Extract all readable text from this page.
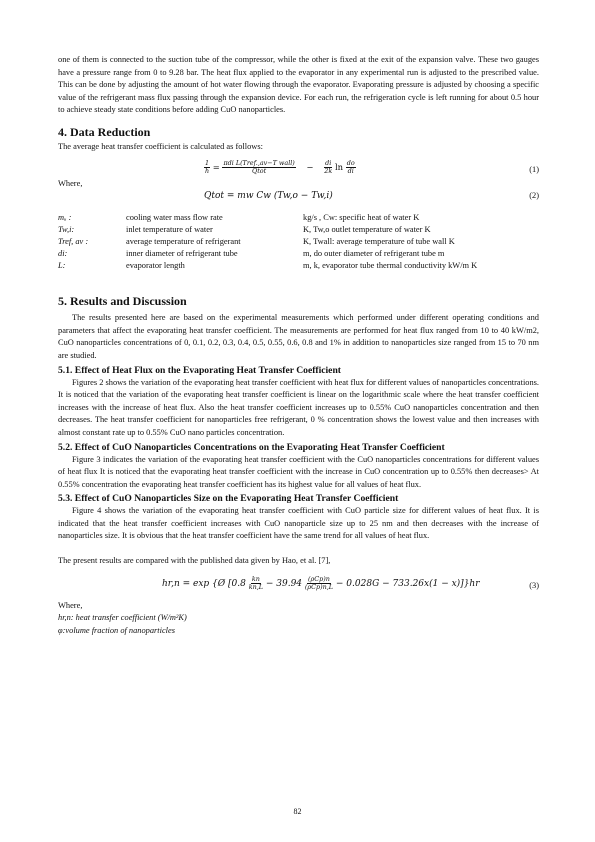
one of them is connected to the suction tube of the compressor, while the other is fixed at the exit of the expansion valve. These two gauges have a pressure range from 0 to 9.28 bar. The heat flux applied to the evaporator in any experimental run is adjusted to the prescribed value. This can be done by adjusting the amount of hot water flowing through the evaporator. Evaporating pressure is adjusted by choosing a specific value of the refrigerant mass flux passing through the expansion device. For each run, the refrigeration cycle is left running for about 0.5 hour to achieve steady state conditions before adding CuO nanoparticles.

4. Data Reduction

The average heat transfer coefficient is calculated as follows:

$\frac{1}{h} = \frac{\text{πdi L(Tref.,av−T wall)}}{\text{Qtot}} - \frac{di}{2k}$ $\ln \frac{do}{di}$	(1)

Where,

Qtot = mw Cw (Tw,o − Tw,i)	(2)
mᵤ :	cooling water mass flow rate	kg/s , Cw: specific heat of water K
Tw,i:	inlet temperature of water	K, Tw,o outlet temperature of water K
Tref, av :	average temperature of refrigerant	K, Twall: average temperature of tube wall K
di:	inner diameter of refrigerant tube	m, do outer diameter of refrigerant tube m
L:	evaporator length	m, k, evaporator tube thermal conductivity kW/m K
5. Results and Discussion

The results presented here are based on the experimental measurements which performed under different operating conditions and parameters that affect the evaporating heat transfer coefficient. The measurements are performed for heat flux ranged from 10 to 40 kW/m2, CuO nanoparticles concentrations of 0, 0.1, 0.2, 0.3, 0.4, 0.5, 0.55, 0.6, 0.8 and 1% in addition to nanoparticles size ranged from 15 to 70 nm are studied.

5.1. Effect of Heat Flux on the Evaporating Heat Transfer Coefficient

Figures 2 shows the variation of the evaporating heat transfer coefficient with heat flux for different values of nanoparticles concentrations. It is noticed that the variation of the evaporating heat transfer coefficient is linear on the logarithmic scale where the heat transfer coefficient increases with the increase of heat flux. Also the heat transfer coefficient increases up to 0.55% CuO nanoparticles concentration and then decreases. The heat transfer coefficient for nanoparticles free refrigerant, 0 % concentration shows the lowest value and then increases with almost constant rate up to 0.55% CuO nano particles concentration.

5.2. Effect of CuO Nanoparticles Concentrations on the Evaporating Heat Transfer Coefficient

Figure 3 indicates the variation of the evaporating heat transfer coefficient with the CuO nanoparticles concentrations for different values of heat flux It is noticed that the evaporating heat transfer coefficient with the increase in CuO concentration up to 0.55% then decreases> At 0.55% concentration the evaporating heat transfer coefficient has its highest value for all values of heat flux.

5.3. Effect of CuO Nanoparticles Size on the Evaporating Heat Transfer Coefficient

Figure 4 shows the variation of the evaporating heat transfer coefficient with CuO particle size for different values of heat flux. It is indicated that the heat transfer coefficient increases with CuO nanoparticle size up to 25 nm and then decreases with the increase of nanoparticles size. It is obvious that the heat transfer coefficient have the same trend for all values of heat flux.

The present results are compared with the published data given by Hao, et al. [7],

hr,n = exp {Ø $[0.8 \frac{kn}{kn,L} - 39.94 \frac{\text{(ρCp)n}}{\text{(ρCp)n,L}} - 0.028G - 733.26x(1 - x)]\}hr$	(3)

Where,

hr,n: heat transfer coefficient (W/m²K)

φ:volume fraction of nanoparticles

82
